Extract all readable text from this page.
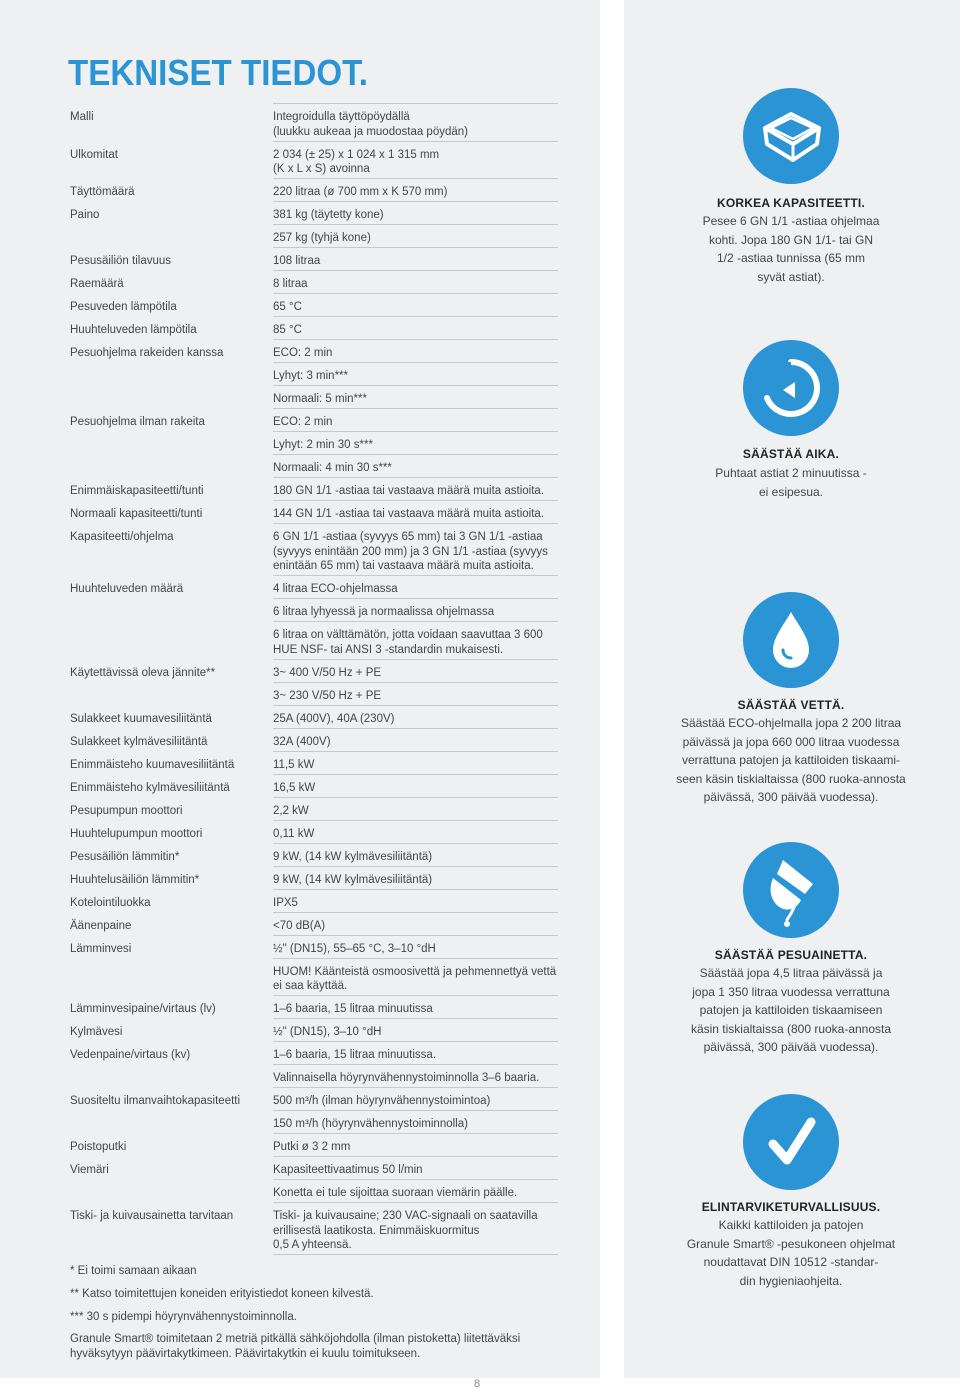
TEKNISET TIEDOT.
Malli	Integroidulla täyttöpöydällä
(luukku aukeaa ja muodostaa pöydän)
Ulkomitat	2 034 (± 25) x 1 024 x 1 315 mm
(K x L x S) avoinna
Täyttömäärä	220 litraa (ø 700 mm x K 570 mm)
Paino	381 kg (täytetty kone)
257 kg (tyhjä kone)
Pesusäiliön tilavuus	108 litraa
Raemäärä	8 litraa
Pesuveden lämpötila	65 °C
Huuhteluveden lämpötila	85 °C
Pesuohjelma rakeiden kanssa	ECO: 2 min
Lyhyt: 3 min***
Normaali: 5 min***
Pesuohjelma ilman rakeita	ECO: 2 min
Lyhyt: 2 min 30 s***
Normaali: 4 min 30 s***
Enimmäiskapasiteetti/tunti	180 GN 1/1 -astiaa tai vastaava määrä muita astioita.
Normaali kapasiteetti/tunti	144 GN 1/1 -astiaa tai vastaava määrä muita astioita.
Kapasiteetti/ohjelma	6 GN 1/1 -astiaa (syvyys 65 mm) tai 3 GN 1/1 -astiaa
(syvyys enintään 200 mm) ja 3 GN 1/1 -astiaa (syvyys
enintään 65 mm) tai vastaava määrä muita astioita.
Huuhteluveden määrä	4 litraa ECO-ohjelmassa
6 litraa lyhyessä ja normaalissa ohjelmassa
6 litraa on välttämätön, jotta voidaan saavuttaa 3 600
HUE NSF- tai ANSI 3 -standardin mukaisesti.
Käytettävissä oleva jännite**	3~ 400 V/50 Hz + PE
3~ 230 V/50 Hz + PE
Sulakkeet kuumavesiliitäntä	25A (400V), 40A (230V)
Sulakkeet kylmävesiliitäntä	32A (400V)
Enimmäisteho kuumavesiliitäntä	11,5 kW
Enimmäisteho kylmävesiliitäntä	16,5 kW
Pesupumpun moottori	2,2 kW
Huuhtelupumpun moottori	0,11 kW
Pesusäiliön lämmitin*	9 kW, (14 kW kylmävesiliitäntä)
Huuhtelusäiliön lämmitin*	9 kW, (14 kW kylmävesiliitäntä)
Kotelointiluokka	IPX5
Äänenpaine	<70 dB(A)
Lämminvesi	½" (DN15), 55–65 °C, 3–10 °dH
HUOM! Käänteistä osmoosivettä ja pehmennettyä vettä
ei saa käyttää.
Lämminvesipaine/virtaus (lv)	1–6 baaria, 15 litraa minuutissa
Kylmävesi	½" (DN15), 3–10 °dH
Vedenpaine/virtaus (kv)	1–6 baaria, 15 litraa minuutissa.
Valinnaisella höyrynvähennystoiminnolla 3–6 baaria.
Suositeltu ilmanvaihtokapasiteetti	500 m³/h (ilman höyrynvähennystoimintoa)
150 m³/h (höyrynvähennystoiminnolla)
Poistoputki	Putki ø 3 2 mm
Viemäri	Kapasiteettivaatimus 50 l/min
Konetta ei tule sijoittaa suoraan viemärin päälle.
Tiski- ja kuivausainetta tarvitaan	Tiski- ja kuivausaine; 230 VAC-signaali on saatavilla
erillisestä laatikosta. Enimmäiskuormitus
0,5 A yhteensä.
* Ei toimi samaan aikaan
** Katso toimitettujen koneiden erityistiedot koneen kilvestä.
*** 30 s pidempi höyrynvähennystoiminnolla.
Granule Smart® toimitetaan 2 metriä pitkällä sähköjohdolla (ilman pistoketta) liitettäväksi
hyväksytyyn päävirtakytkimeen. Päävirtakytkin ei kuulu toimitukseen.
8
KORKEA KAPASITEETTI.
Pesee 6 GN 1/1 -astiaa ohjelmaa
kohti. Jopa 180 GN 1/1- tai GN
1/2 -astiaa tunnissa (65 mm
syvät astiat).
SÄÄSTÄÄ AIKA.
Puhtaat astiat 2 minuutissa -
ei esipesua.
SÄÄSTÄÄ VETTÄ.
Säästää ECO-ohjelmalla jopa 2 200 litraa
päivässä ja jopa 660 000 litraa vuodessa
verrattuna patojen ja kattiloiden tiskaami-
seen käsin tiskialtaissa (800 ruoka-annosta
päivässä, 300 päivää vuodessa).
SÄÄSTÄÄ PESUAINETTA.
Säästää jopa 4,5 litraa päivässä ja
jopa 1 350 litraa vuodessa verrattuna
patojen ja kattiloiden tiskaamiseen
käsin tiskialtaissa (800 ruoka-annosta
päivässä, 300 päivää vuodessa).
ELINTARVIKETURVALLISUUS.
Kaikki kattiloiden ja patojen
Granule Smart® -pesukoneen ohjelmat
noudattavat DIN 10512 -standar-
din hygieniaohjeita.
